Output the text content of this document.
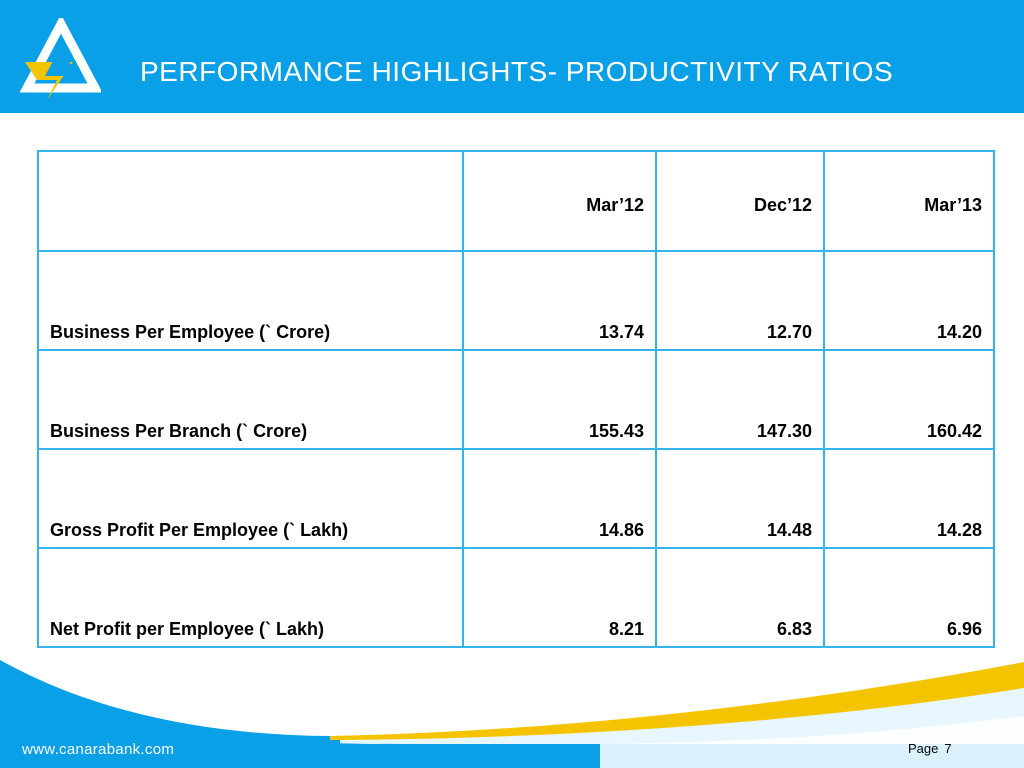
PERFORMANCE HIGHLIGHTS- PRODUCTIVITY RATIOS
	Mar’12	Dec’12	Mar’13
Business Per Employee (` Crore)	13.74	12.70	14.20
Business Per Branch (` Crore)	155.43	147.30	160.42
Gross Profit Per Employee (` Lakh)	14.86	14.48	14.28
Net Profit per Employee (` Lakh)	8.21	6.83	6.96
www.canarabank.com	Page 7
